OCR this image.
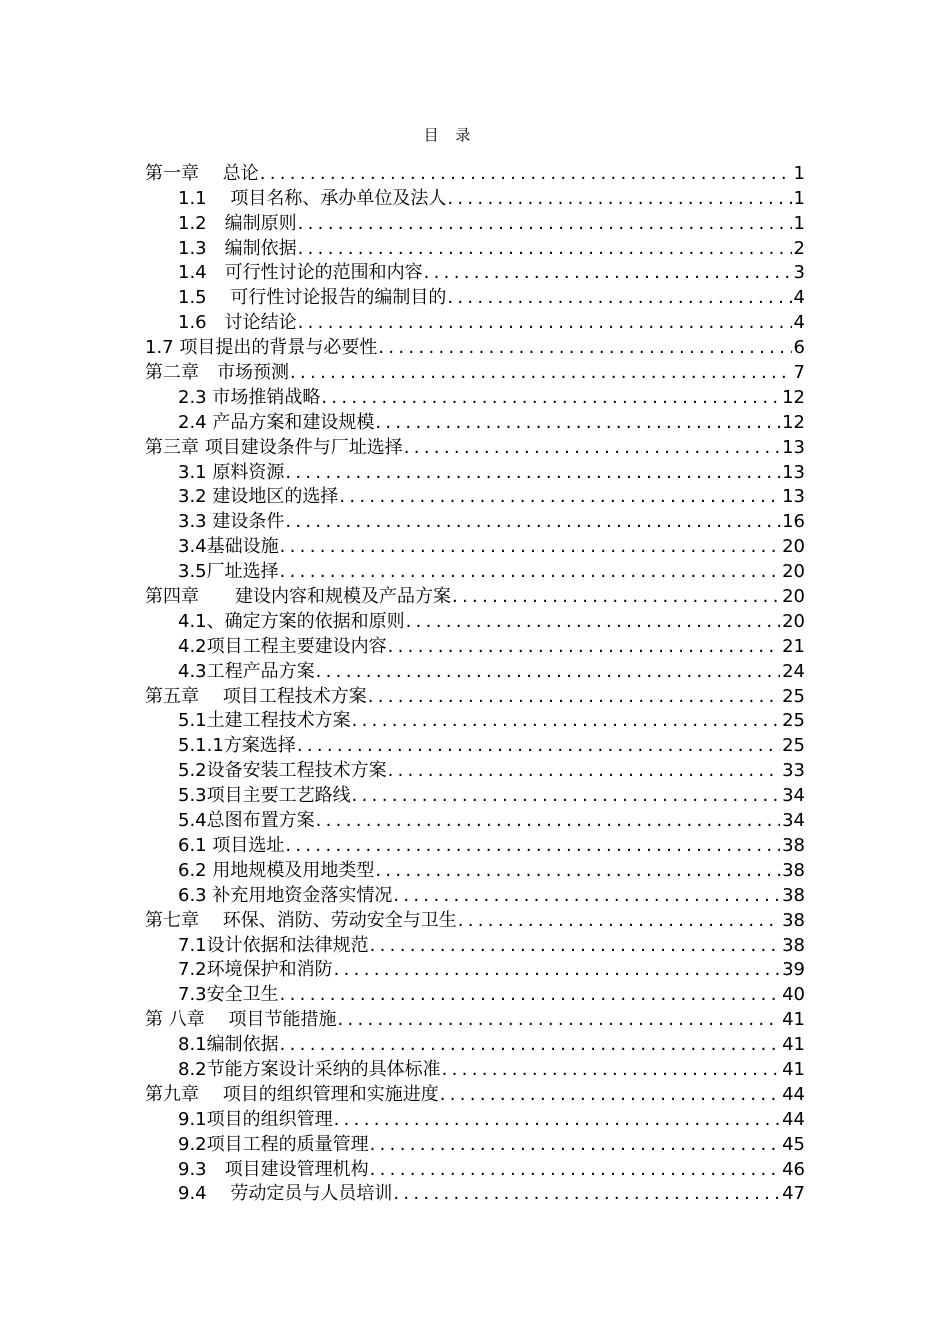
目 录
第一章　 总论 .....	1
1.1　 项目名称、承办单位及法人 .....	1
1.2　编制原则 .....	1
1.3　编制依据 .....	2
1.4　可行性讨论的范围和内容 .....	3
1.5　 可行性讨论报告的编制目的 .....	4
1.6　讨论结论 .....	4
1.7 项目提出的背景与必要性 .....	6
第二章　市场预测 .....	7
2.3 市场推销战略 .....	12
2.4 产品方案和建设规模 .....	12
第三章 项目建设条件与厂址选择 .....	13
3.1 原料资源 .....	13
3.2 建设地区的选择 .....	13
3.3 建设条件 .....	16
3.4基础设施 .....	20
3.5厂址选择 .....	20
第四章　　建设内容和规模及产品方案 .....	20
4.1、确定方案的依据和原则 .....	20
4.2项目工程主要建设内容 .....	21
4.3工程产品方案 .....	24
第五章　 项目工程技术方案 .....	25
5.1土建工程技术方案 .....	25
5.1.1方案选择 .....	25
5.2设备安装工程技术方案 .....	33
5.3项目主要工艺路线 .....	34
5.4总图布置方案 .....	34
6.1 项目选址 .....	38
6.2 用地规模及用地类型 .....	38
6.3 补充用地资金落实情况 .....	38
第七章　 环保、消防、劳动安全与卫生 .....	38
7.1设计依据和法律规范 .....	38
7.2环境保护和消防 .....	39
7.3安全卫生 .....	40
第 八章　 项目节能措施 .....	41
8.1编制依据 .....	41
8.2节能方案设计采纳的具体标准 .....	41
第九章　 项目的组织管理和实施进度 .....	44
9.1项目的组织管理 .....	44
9.2项目工程的质量管理 .....	45
9.3　项目建设管理机构 .....	46
9.4　 劳动定员与人员培训 .....	47
